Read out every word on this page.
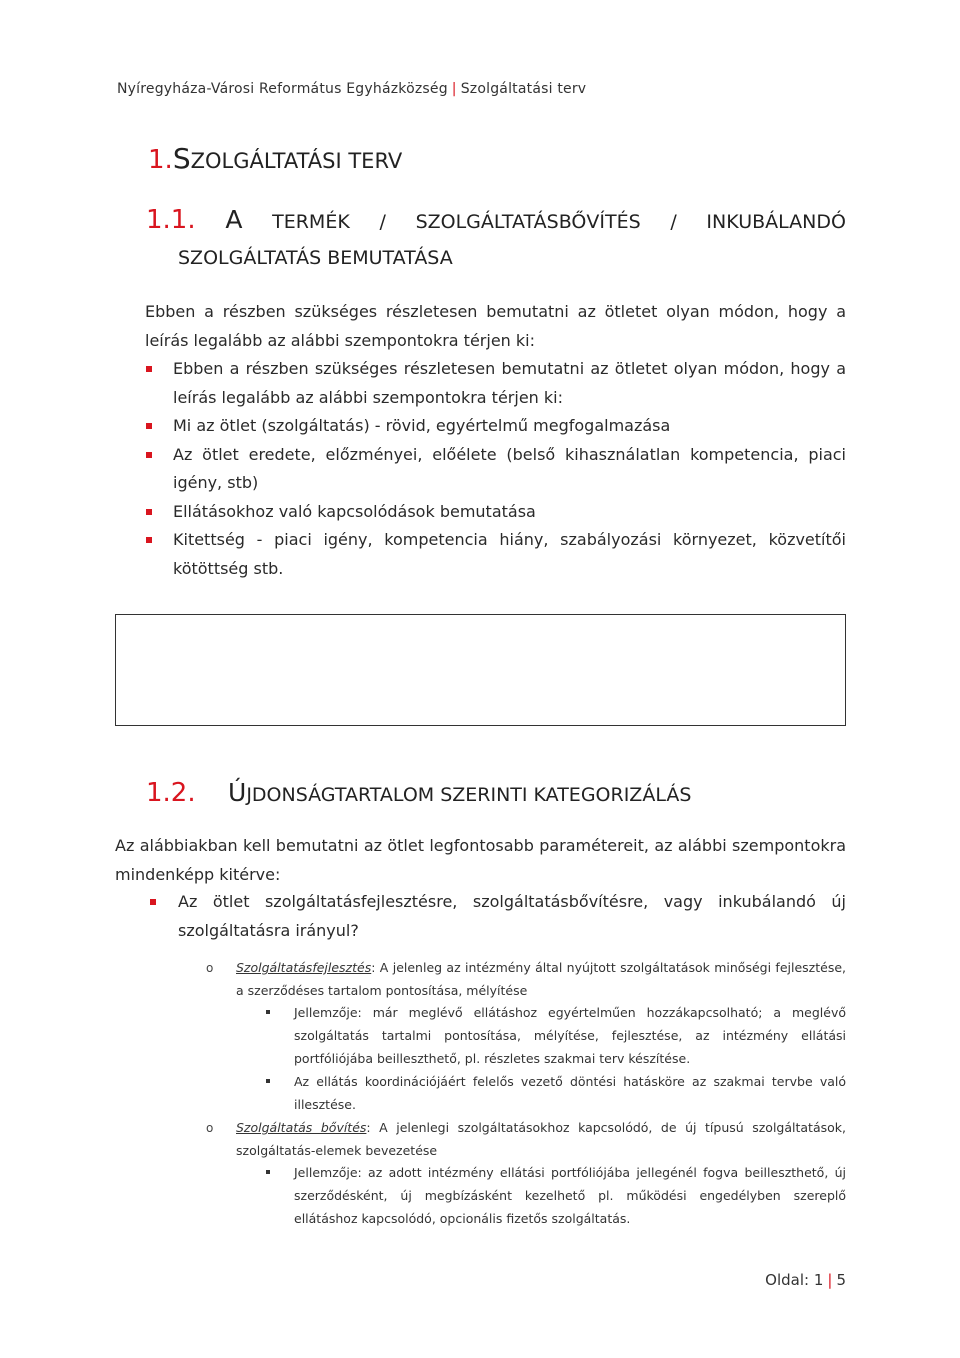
Nyíregyháza-Városi Református Egyházközség | Szolgáltatási terv
1.SZOLGÁLTATÁSI TERV
1.1. A TERMÉK / SZOLGÁLTATÁSBŐVÍTÉS / INKUBÁLANDÓ
SZOLGÁLTATÁS BEMUTATÁSA

Ebben a részben szükséges részletesen bemutatni az ötletet olyan módon, hogy a leírás legalább az alábbi szempontokra térjen ki:

Ebben a részben szükséges részletesen bemutatni az ötletet olyan módon, hogy a leírás legalább az alábbi szempontokra térjen ki:
Mi az ötlet (szolgáltatás) - rövid, egyértelmű megfogalmazása
Az ötlet eredete, előzményei, előélete (belső kihasználatlan kompetencia, piaci igény, stb)
Ellátásokhoz való kapcsolódások bemutatása
Kitettség - piaci igény, kompetencia hiány, szabályozási környezet, közvetítői kötöttség stb.
1.2. ÚJDONSÁGTARTALOM SZERINTI KATEGORIZÁLÁS

Az alábbiakban kell bemutatni az ötlet legfontosabb paramétereit, az alábbi szempontokra mindenképp kitérve:

Az ötlet szolgáltatásfejlesztésre, szolgáltatásbővítésre, vagy inkubálandó új szolgáltatásra irányul?
o Szolgáltatásfejlesztés: A jelenleg az intézmény által nyújtott szolgáltatások minőségi fejlesztése, a szerződéses tartalom pontosítása, mélyítése

Jellemzője: már meglévő ellátáshoz egyértelműen hozzákapcsolható; a meglévő szolgáltatás tartalmi pontosítása, mélyítése, fejlesztése, az intézmény ellátási portfóliójába beilleszthető, pl. részletes szakmai terv készítése.

Az ellátás koordinációjáért felelős vezető döntési hatásköre az szakmai tervbe való illesztése.

o Szolgáltatás bővítés: A jelenlegi szolgáltatásokhoz kapcsolódó, de új típusú szolgáltatások, szolgáltatás-elemek bevezetése

Jellemzője: az adott intézmény ellátási portfóliójába jellegénél fogva beilleszthető, új szerződésként, új megbízásként kezelhető pl. működési engedélyben szereplő ellátáshoz kapcsolódó, opcionális fizetős szolgáltatás.

Oldal: 1 | 5
